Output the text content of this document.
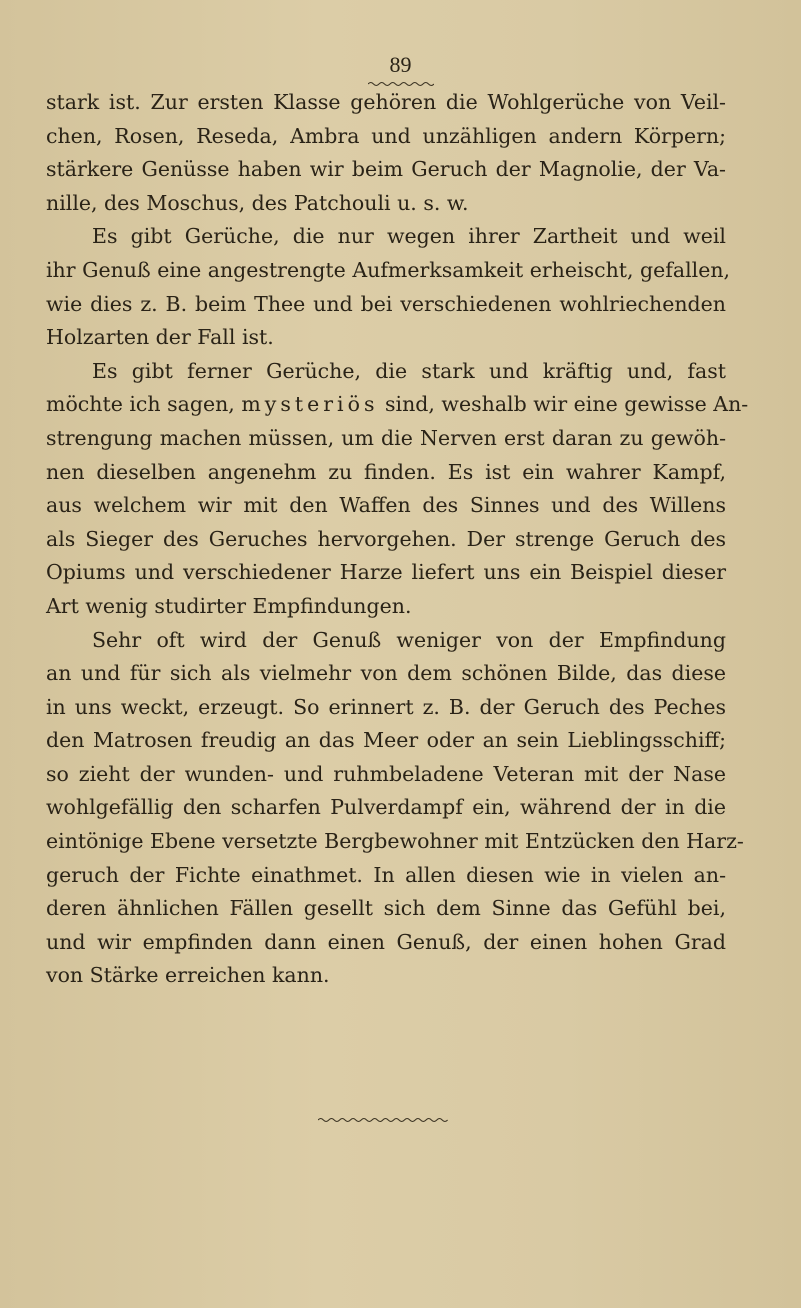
89
stark ist. Zur ersten Klasse gehören die Wohlgerüche von Veil-
chen, Rosen, Reseda, Ambra und unzähligen andern Körpern;
stärkere Genüsse haben wir beim Geruch der Magnolie, der Va-
nille, des Moschus, des Patchouli u. s. w.
Es gibt Gerüche, die nur wegen ihrer Zartheit und weil
ihr Genuß eine angestrengte Aufmerksamkeit erheischt, gefallen,
wie dies z. B. beim Thee und bei verschiedenen wohlriechenden
Holzarten der Fall ist.
Es gibt ferner Gerüche, die stark und kräftig und, fast
möchte ich sagen, mysteriös sind, weshalb wir eine gewisse An-
strengung machen müssen, um die Nerven erst daran zu gewöh-
nen dieselben angenehm zu finden. Es ist ein wahrer Kampf,
aus welchem wir mit den Waffen des Sinnes und des Willens
als Sieger des Geruches hervorgehen. Der strenge Geruch des
Opiums und verschiedener Harze liefert uns ein Beispiel dieser
Art wenig studirter Empfindungen.
Sehr oft wird der Genuß weniger von der Empfindung
an und für sich als vielmehr von dem schönen Bilde, das diese
in uns weckt, erzeugt. So erinnert z. B. der Geruch des Peches
den Matrosen freudig an das Meer oder an sein Lieblingsschiff;
so zieht der wunden- und ruhmbeladene Veteran mit der Nase
wohlgefällig den scharfen Pulverdampf ein, während der in die
eintönige Ebene versetzte Bergbewohner mit Entzücken den Harz-
geruch der Fichte einathmet. In allen diesen wie in vielen an-
deren ähnlichen Fällen gesellt sich dem Sinne das Gefühl bei,
und wir empfinden dann einen Genuß, der einen hohen Grad
von Stärke erreichen kann.
